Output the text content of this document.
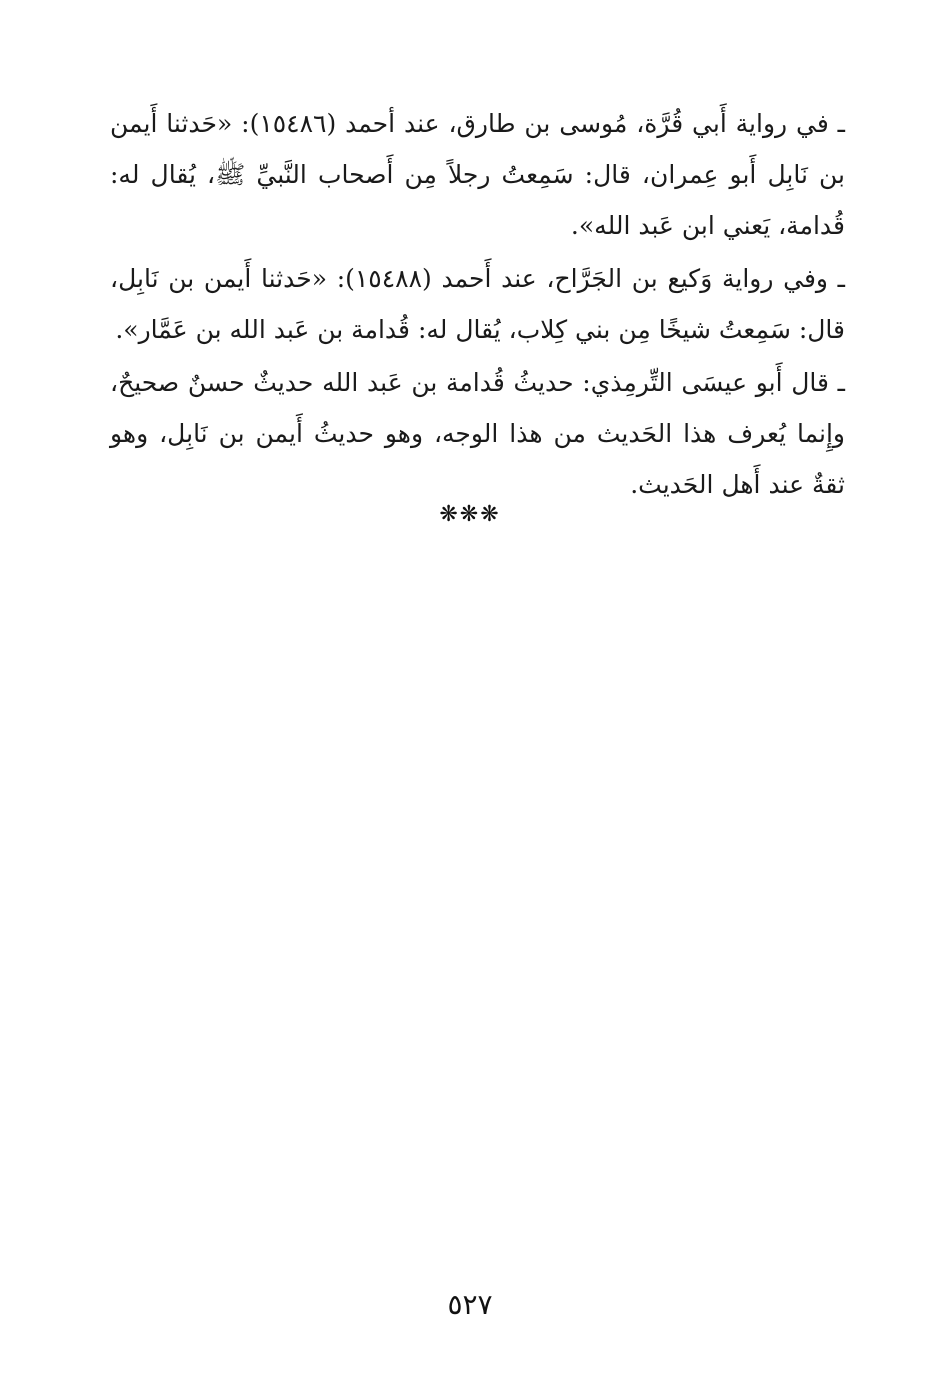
ـ في رواية أَبي قُرَّة، مُوسى بن طارق، عند أحمد (١٥٤٨٦): «حَدثنا أَيمن بن نَابِل أَبو عِمران، قال: سَمِعتُ رجلاً مِن أَصحاب النَّبيِّ ﷺ، يُقال له: قُدامة، يَعني ابن عَبد الله».

ـ وفي رواية وَكيع بن الجَرَّاح، عند أَحمد (١٥٤٨٨): «حَدثنا أَيمن بن نَابِل، قال: سَمِعتُ شيخًا مِن بني كِلاب، يُقال له: قُدامة بن عَبد الله بن عَمَّار».

ـ قال أَبو عيسَى التِّرمِذي: حديثُ قُدامة بن عَبد الله حديثٌ حسنٌ صحيحٌ، وإِنما يُعرف هذا الحَديث من هذا الوجه، وهو حديثُ أَيمن بن نَابِل، وهو ثقةٌ عند أَهل الحَديث.

❋❋❋
٥٢٧
